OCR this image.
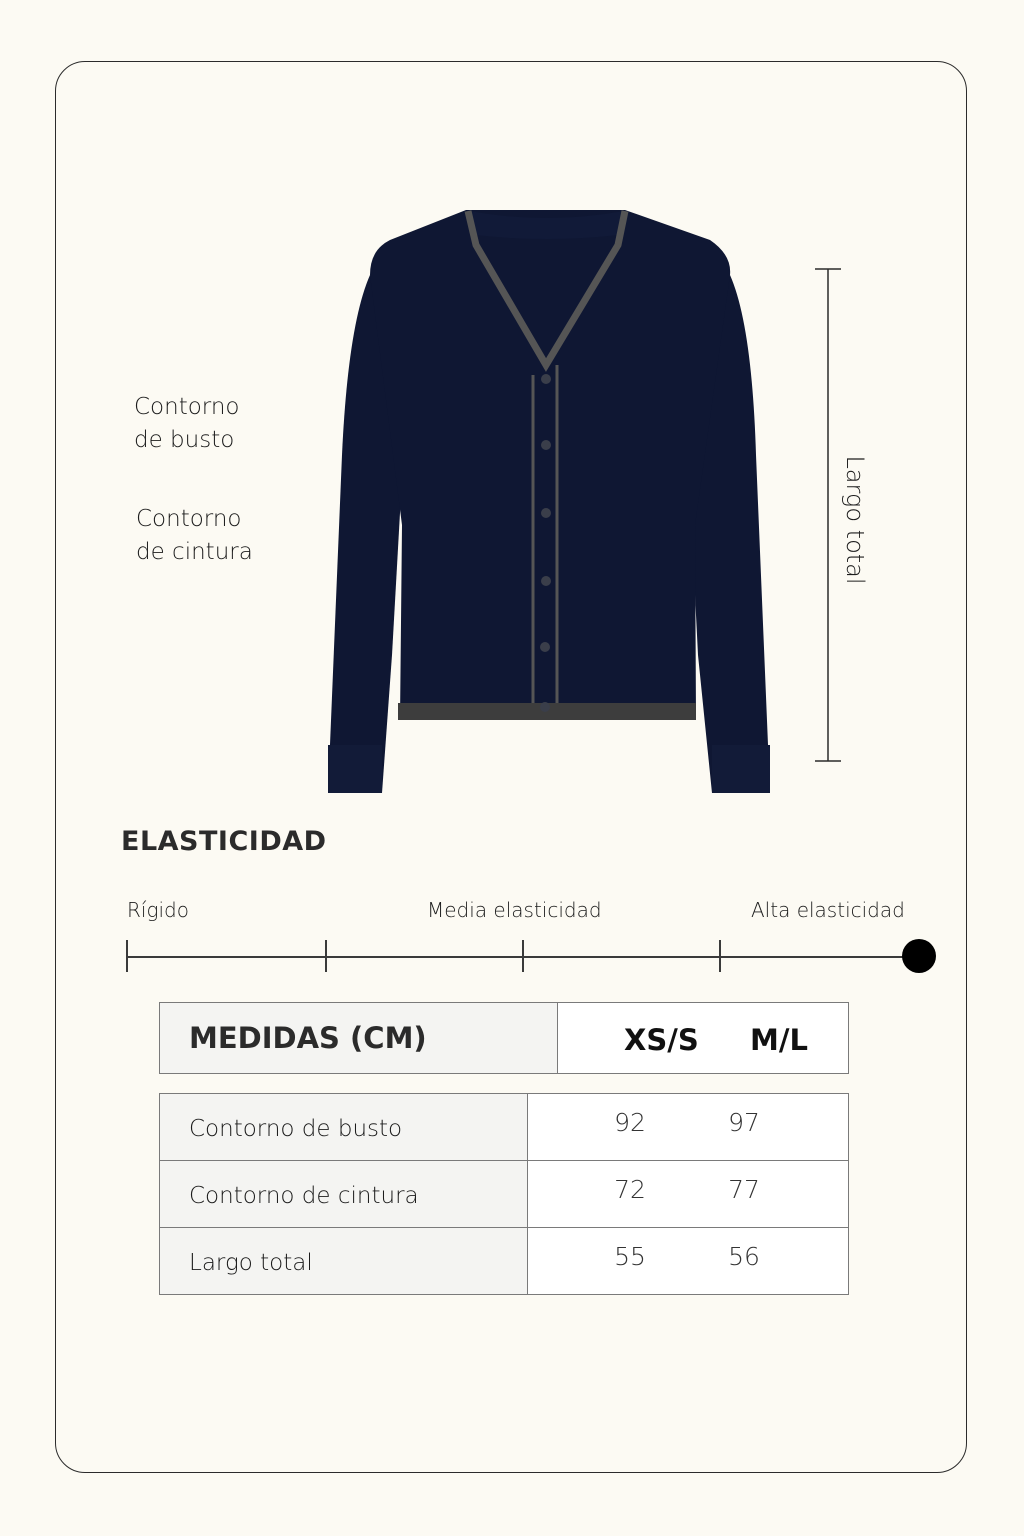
Contorno
de busto
Contorno
de cintura	Largo total
ELASTICIDAD
Rígido	Media elasticidad	Alta elasticidad
MEDIDAS (CM)	XS/S M/L
Contorno de busto	92 97

Contorno de cintura	72 77

Largo total	55 56
